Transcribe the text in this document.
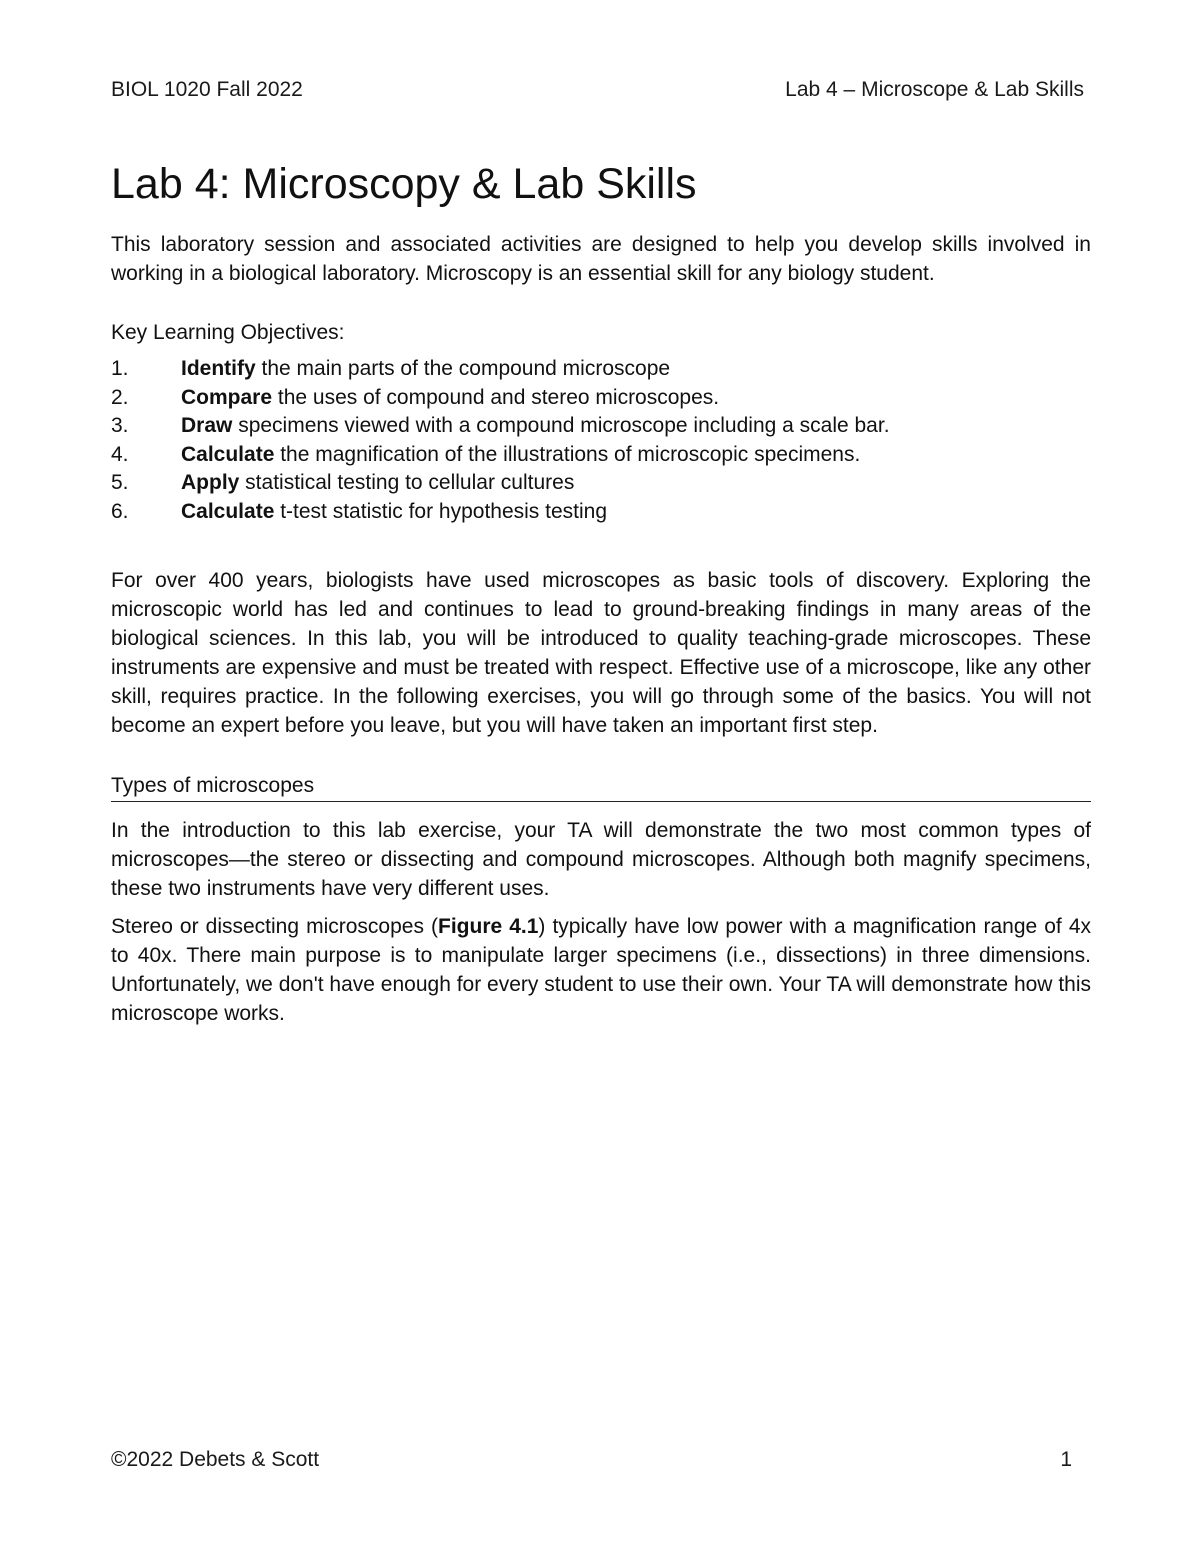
BIOL 1020 Fall 2022	Lab 4 – Microscope & Lab Skills
Lab 4: Microscopy & Lab Skills

This laboratory session and associated activities are designed to help you develop skills involved in working in a biological laboratory. Microscopy is an essential skill for any biology student.

Key Learning Objectives:

1.	Identify the main parts of the compound microscope
2.	Compare the uses of compound and stereo microscopes.
3.	Draw specimens viewed with a compound microscope including a scale bar.
4.	Calculate the magnification of the illustrations of microscopic specimens.
5.	Apply statistical testing to cellular cultures
6.	Calculate t-test statistic for hypothesis testing

For over 400 years, biologists have used microscopes as basic tools of discovery. Exploring the microscopic world has led and continues to lead to ground-breaking findings in many areas of the biological sciences. In this lab, you will be introduced to quality teaching-grade microscopes. These instruments are expensive and must be treated with respect. Effective use of a microscope, like any other skill, requires practice. In the following exercises, you will go through some of the basics. You will not become an expert before you leave, but you will have taken an important first step.

Types of microscopes

In the introduction to this lab exercise, your TA will demonstrate the two most common types of microscopes—the stereo or dissecting and compound microscopes. Although both magnify specimens, these two instruments have very different uses.

Stereo or dissecting microscopes (Figure 4.1) typically have low power with a magnification range of 4x to 40x. There main purpose is to manipulate larger specimens (i.e., dissections) in three dimensions. Unfortunately, we don't have enough for every student to use their own. Your TA will demonstrate how this microscope works.

©2022 Debets & Scott	1
